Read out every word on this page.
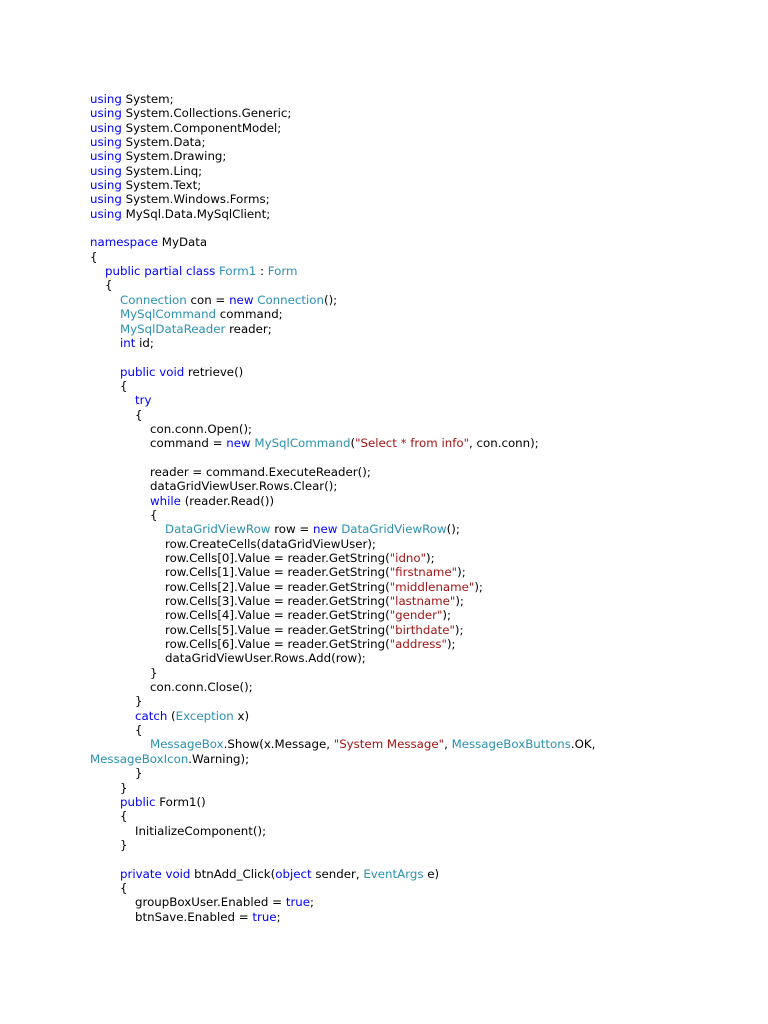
using System;
using System.Collections.Generic;
using System.ComponentModel;
using System.Data;
using System.Drawing;
using System.Linq;
using System.Text;
using System.Windows.Forms;
using MySql.Data.MySqlClient;
namespace MyData
{
public partial class Form1 : Form
{
Connection con = new Connection();
MySqlCommand command;
MySqlDataReader reader;
int id;
public void retrieve()
{
try
{
con.conn.Open();
command = new MySqlCommand("Select * from info", con.conn);
reader = command.ExecuteReader();
dataGridViewUser.Rows.Clear();
while (reader.Read())
{
DataGridViewRow row = new DataGridViewRow();
row.CreateCells(dataGridViewUser);
row.Cells[0].Value = reader.GetString("idno");
row.Cells[1].Value = reader.GetString("firstname");
row.Cells[2].Value = reader.GetString("middlename");
row.Cells[3].Value = reader.GetString("lastname");
row.Cells[4].Value = reader.GetString("gender");
row.Cells[5].Value = reader.GetString("birthdate");
row.Cells[6].Value = reader.GetString("address");
dataGridViewUser.Rows.Add(row);
}
con.conn.Close();
}
catch (Exception x)
{
MessageBox.Show(x.Message, "System Message", MessageBoxButtons.OK,
MessageBoxIcon.Warning);
}
}
public Form1()
{
InitializeComponent();
}
private void btnAdd_Click(object sender, EventArgs e)
{
groupBoxUser.Enabled = true;
btnSave.Enabled = true;
